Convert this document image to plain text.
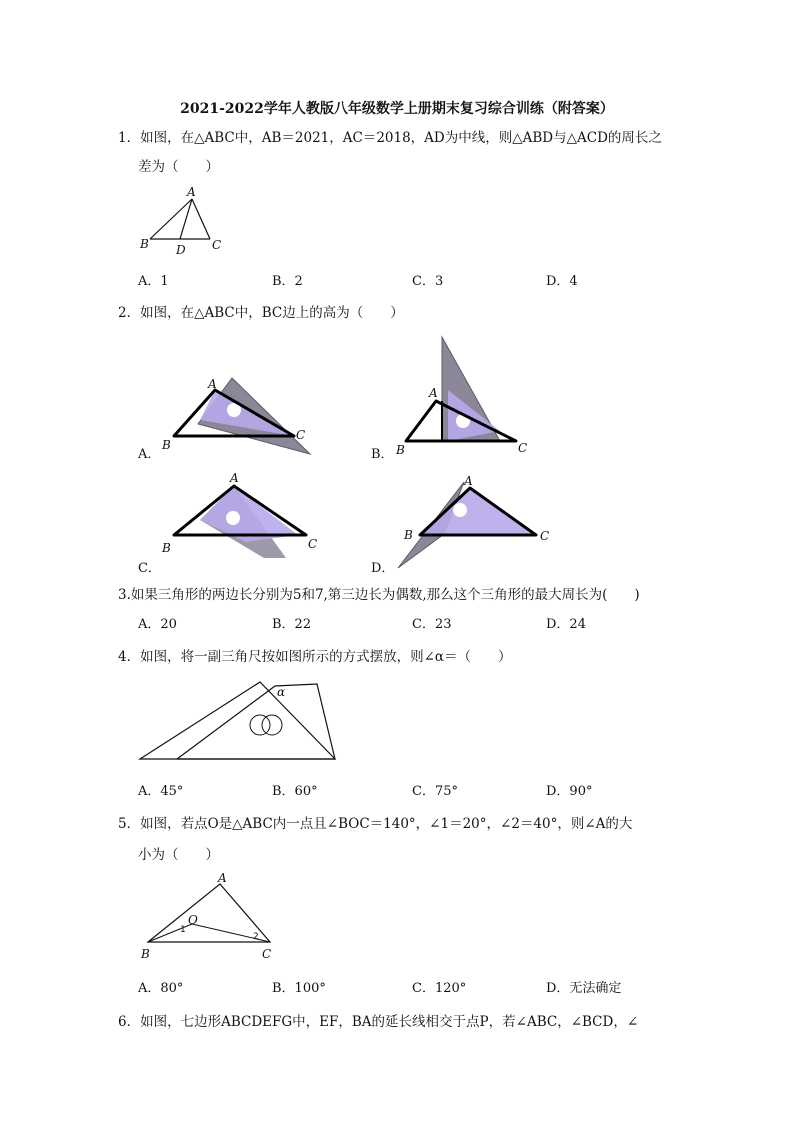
2021-2022学年人教版八年级数学上册期末复习综合训练（附答案）
1．如图，在△ABC中，AB＝2021，AC＝2018，AD为中线，则△ABD与△ACD的周长之
差为（　　）
A
B	C
D
A．1	B．2	C．3	D．4
2．如图，在△ABC中，BC边上的高为（　　）
A．
A
B
C
B．
A
B	C
C．
A
B	C
D．
A
B	C
3.如果三角形的两边长分别为5和7,第三边长为偶数,那么这个三角形的最大周长为(　　)
A．20	B．22	C．23	D．24
4．如图，将一副三角尺按如图所示的方式摆放，则∠α＝（　　）
α
A．45°	B．60°	C．75°	D．90°
5．如图，若点O是△ABC内一点且∠BOC＝140°，∠1＝20°，∠2＝40°，则∠A的大
小为（　　）
A
B	C
O
1
2
A．80°	B．100°	C．120°	D．无法确定
6．如图，七边形ABCDEFG中，EF，BA的延长线相交于点P，若∠ABC，∠BCD，∠
